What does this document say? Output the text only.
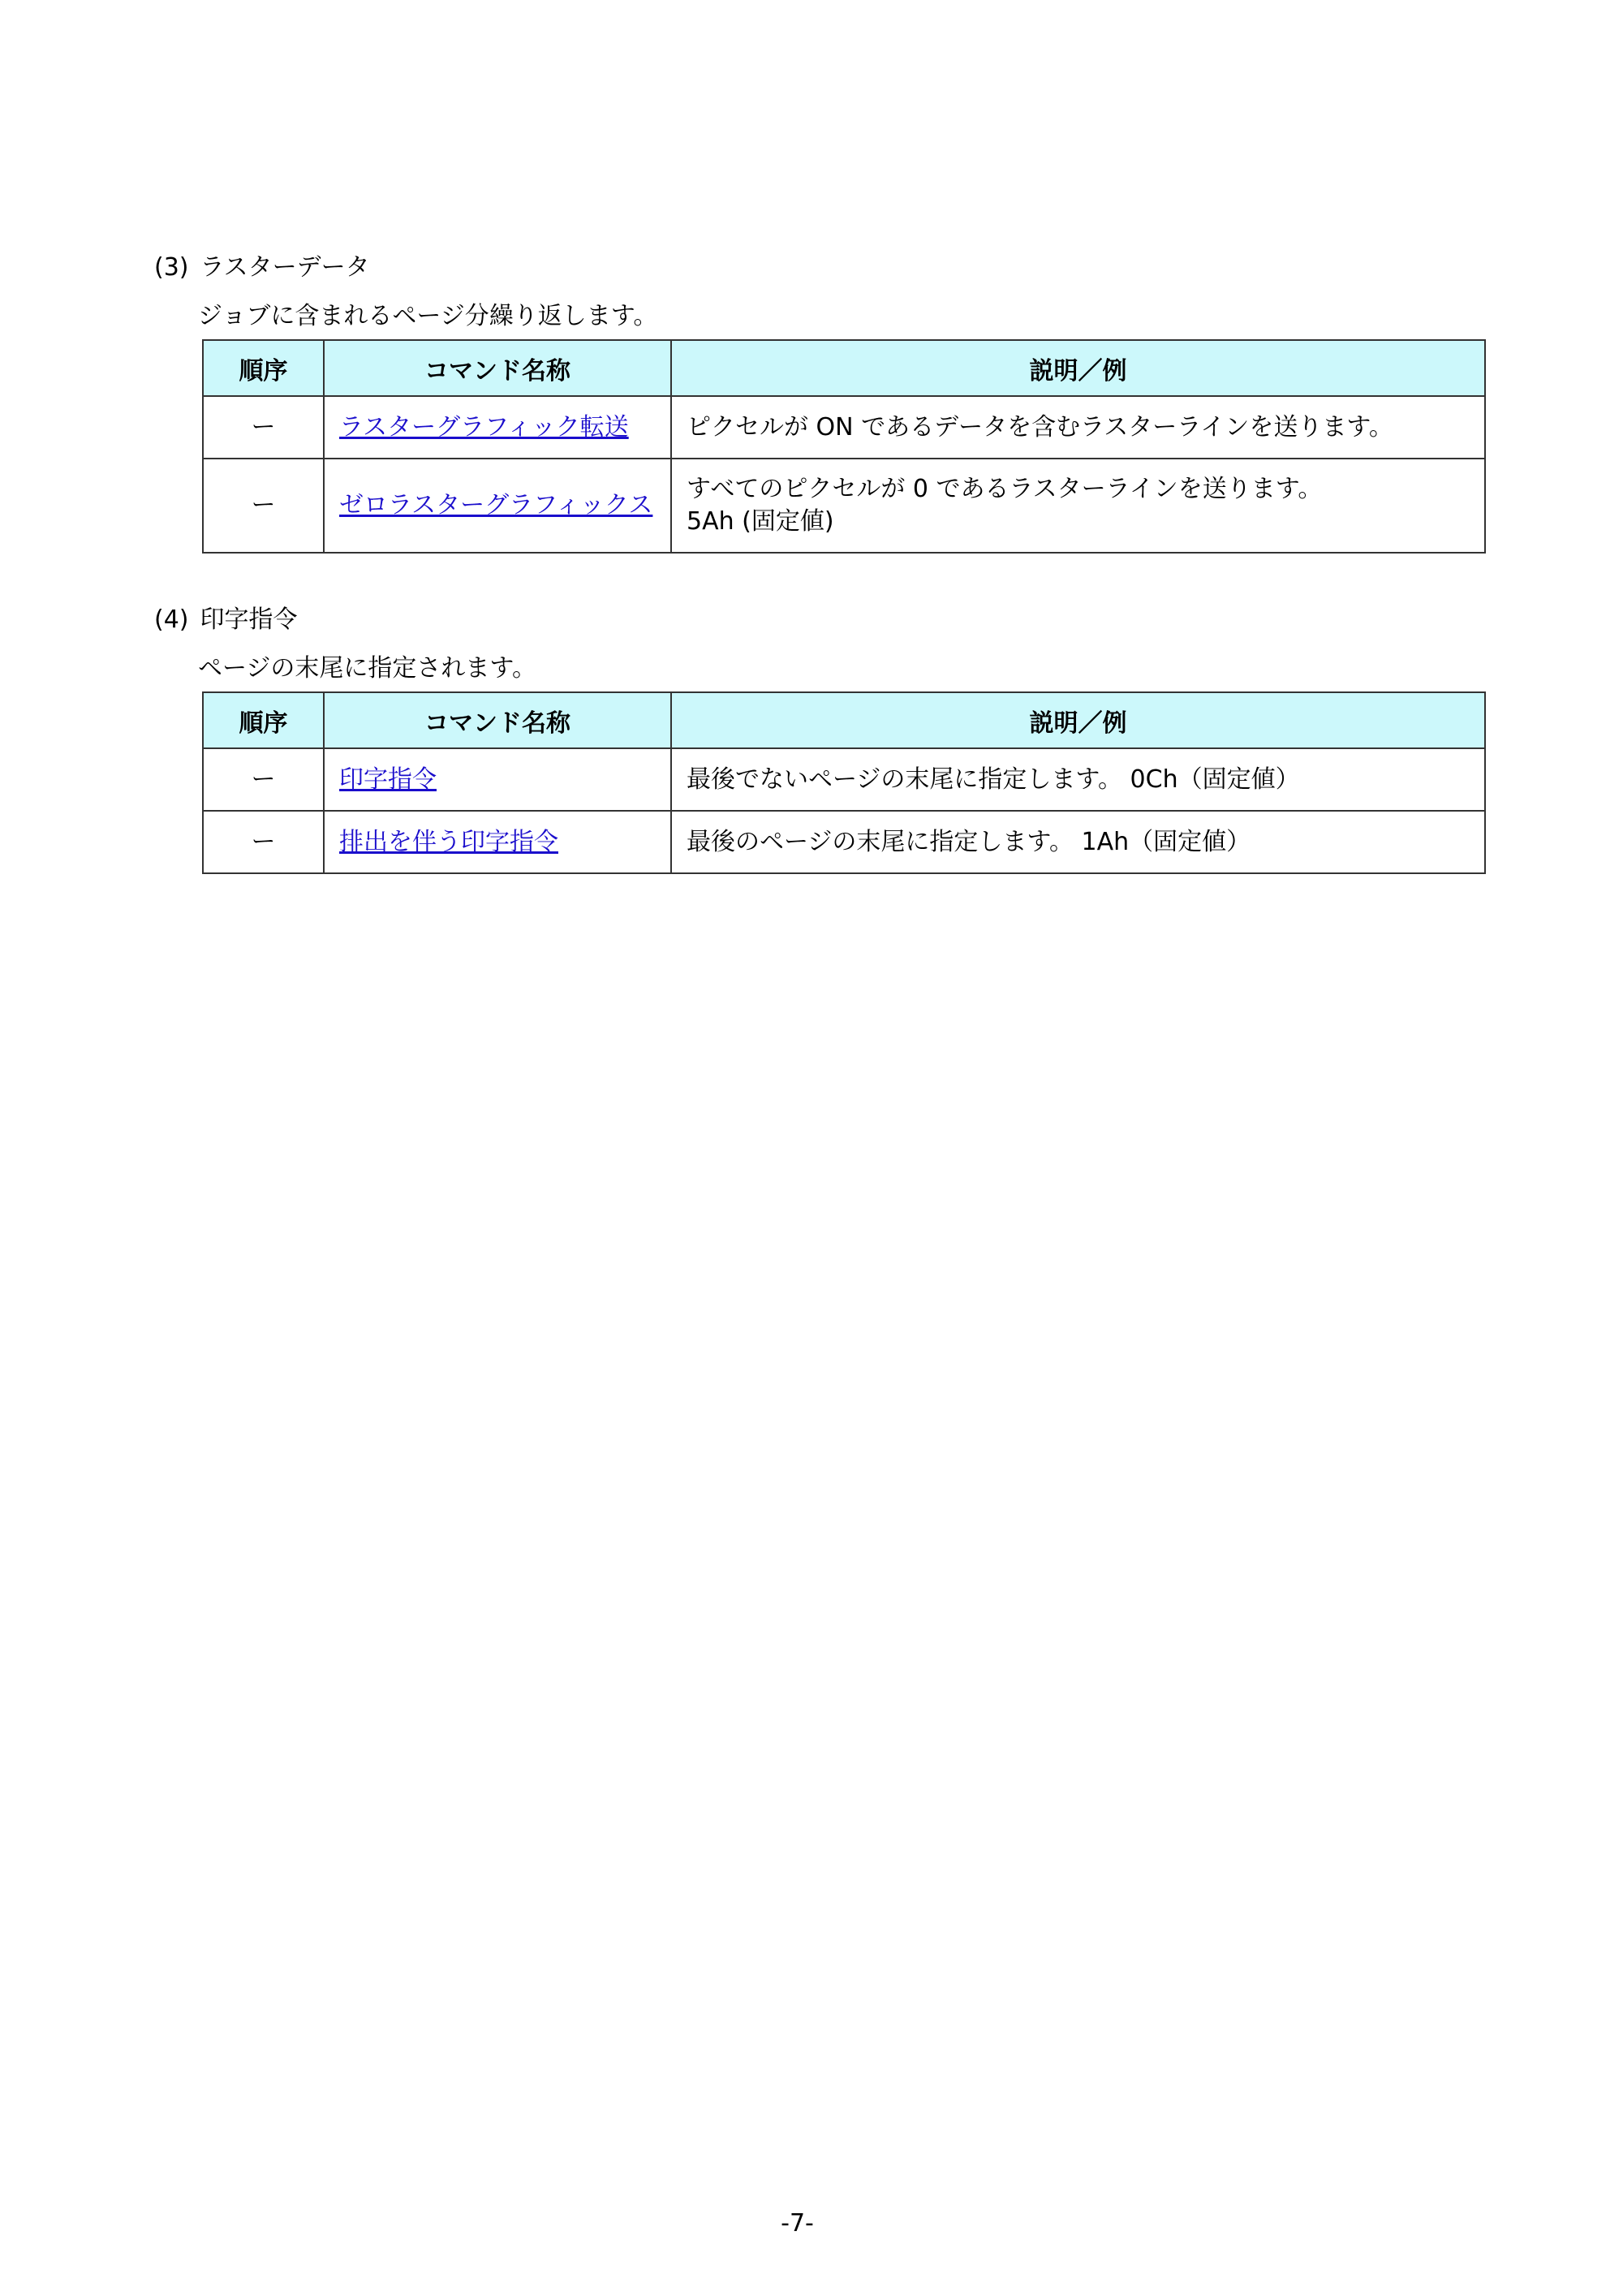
(3) ラスターデータ
ジョブに含まれるページ分繰り返します。
順序	コマンド名称	説明／例
ー	ラスターグラフィック転送	ピクセルが ON であるデータを含むラスターラインを送ります。
ー	ゼロラスターグラフィックス	すべてのピクセルが 0 であるラスターラインを送ります。
5Ah (固定値)
(4) 印字指令
ページの末尾に指定されます。
順序	コマンド名称	説明／例
ー	印字指令	最後でないページの末尾に指定します。 0Ch（固定値）
ー	排出を伴う印字指令	最後のページの末尾に指定します。 1Ah（固定値）
-7-
